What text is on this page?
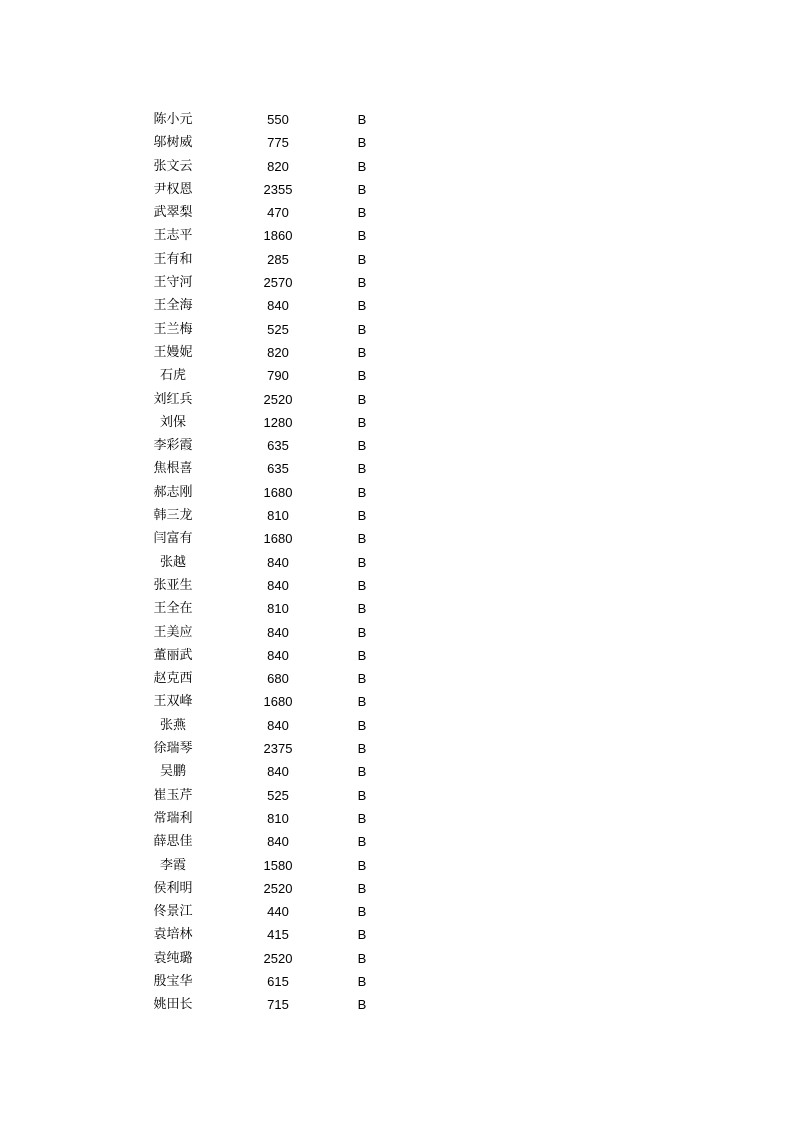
陈小元	550	B
邬树威	775	B
张文云	820	B
尹权恩	2355	B
武翠梨	470	B
王志平	1860	B
王有和	285	B
王守河	2570	B
王全海	840	B
王兰梅	525	B
王嫚妮	820	B
石虎	790	B
刘红兵	2520	B
刘保	1280	B
李彩霞	635	B
焦根喜	635	B
郝志刚	1680	B
韩三龙	810	B
闫富有	1680	B
张越	840	B
张亚生	840	B
王全在	810	B
王美应	840	B
董丽武	840	B
赵克西	680	B
王双峰	1680	B
张燕	840	B
徐瑞琴	2375	B
吴鹏	840	B
崔玉芹	525	B
常瑞利	810	B
薛思佳	840	B
李霞	1580	B
侯利明	2520	B
佟景江	440	B
袁培林	415	B
袁纯璐	2520	B
殷宝华	615	B
姚田长	715	B
